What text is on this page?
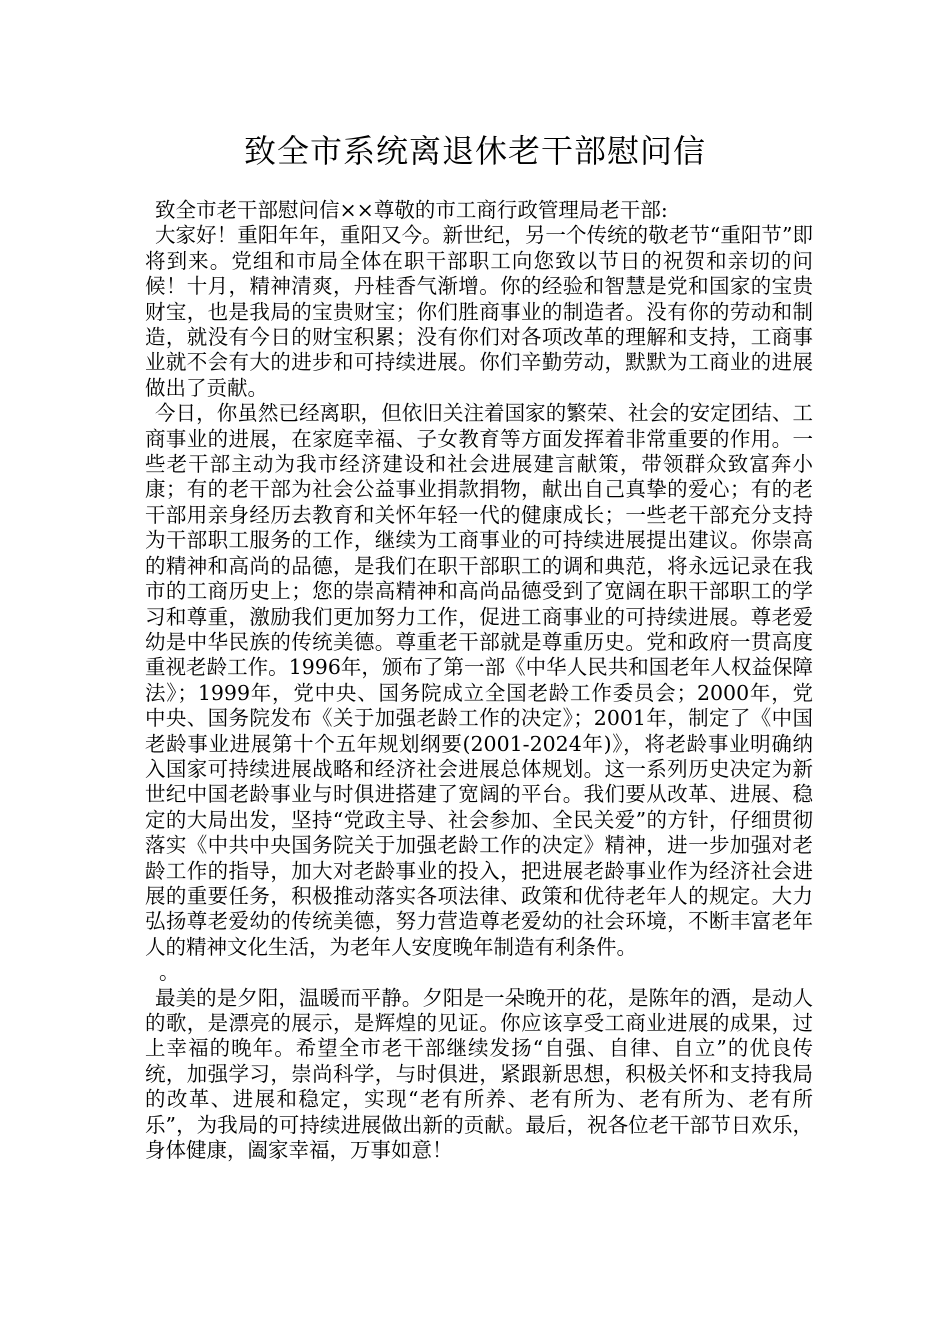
致全市系统离退休老干部慰问信

致全市老干部慰问信××尊敬的市工商行政管理局老干部:

大家好！重阳年年，重阳又今。新世纪，另一个传统的敬老节“重阳节”即将到来。党组和市局全体在职干部职工向您致以节日的祝贺和亲切的问候！十月，精神清爽，丹桂香气渐增。你的经验和智慧是党和国家的宝贵财宝，也是我局的宝贵财宝；你们胜商事业的制造者。没有你的劳动和制造，就没有今日的财宝积累；没有你们对各项改革的理解和支持，工商事业就不会有大的进步和可持续进展。你们辛勤劳动，默默为工商业的进展做出了贡献。

今日，你虽然已经离职，但依旧关注着国家的繁荣、社会的安定团结、工商事业的进展，在家庭幸福、子女教育等方面发挥着非常重要的作用。一些老干部主动为我市经济建设和社会进展建言献策，带领群众致富奔小康；有的老干部为社会公益事业捐款捐物，献出自己真挚的爱心；有的老干部用亲身经历去教育和关怀年轻一代的健康成长；一些老干部充分支持为干部职工服务的工作，继续为工商事业的可持续进展提出建议。你崇高的精神和高尚的品德，是我们在职干部职工的调和典范，将永远记录在我市的工商历史上；您的崇高精神和高尚品德受到了宽阔在职干部职工的学习和尊重，激励我们更加努力工作，促进工商事业的可持续进展。尊老爱幼是中华民族的传统美德。尊重老干部就是尊重历史。党和政府一贯高度重视老龄工作。1996年，颁布了第一部《中华人民共和国老年人权益保障法》；1999年，党中央、国务院成立全国老龄工作委员会；2000年，党中央、国务院发布《关于加强老龄工作的决定》；2001年，制定了《中国老龄事业进展第十个五年规划纲要(2001-2024年)》，将老龄事业明确纳入国家可持续进展战略和经济社会进展总体规划。这一系列历史决定为新世纪中国老龄事业与时俱进搭建了宽阔的平台。我们要从改革、进展、稳定的大局出发，坚持“党政主导、社会参加、全民关爱”的方针，仔细贯彻落实《中共中央国务院关于加强老龄工作的决定》精神，进一步加强对老龄工作的指导，加大对老龄事业的投入，把进展老龄事业作为经济社会进展的重要任务，积极推动落实各项法律、政策和优待老年人的规定。大力弘扬尊老爱幼的传统美德，努力营造尊老爱幼的社会环境，不断丰富老年人的精神文化生活，为老年人安度晚年制造有利条件。

。

最美的是夕阳，温暖而平静。夕阳是一朵晚开的花，是陈年的酒，是动人的歌，是漂亮的展示，是辉煌的见证。你应该享受工商业进展的成果，过上幸福的晚年。希望全市老干部继续发扬“自强、自律、自立”的优良传统，加强学习，崇尚科学，与时俱进，紧跟新思想，积极关怀和支持我局的改革、进展和稳定，实现“老有所养、老有所为、老有所为、老有所乐”，为我局的可持续进展做出新的贡献。最后，祝各位老干部节日欢乐，身体健康，阖家幸福，万事如意！
